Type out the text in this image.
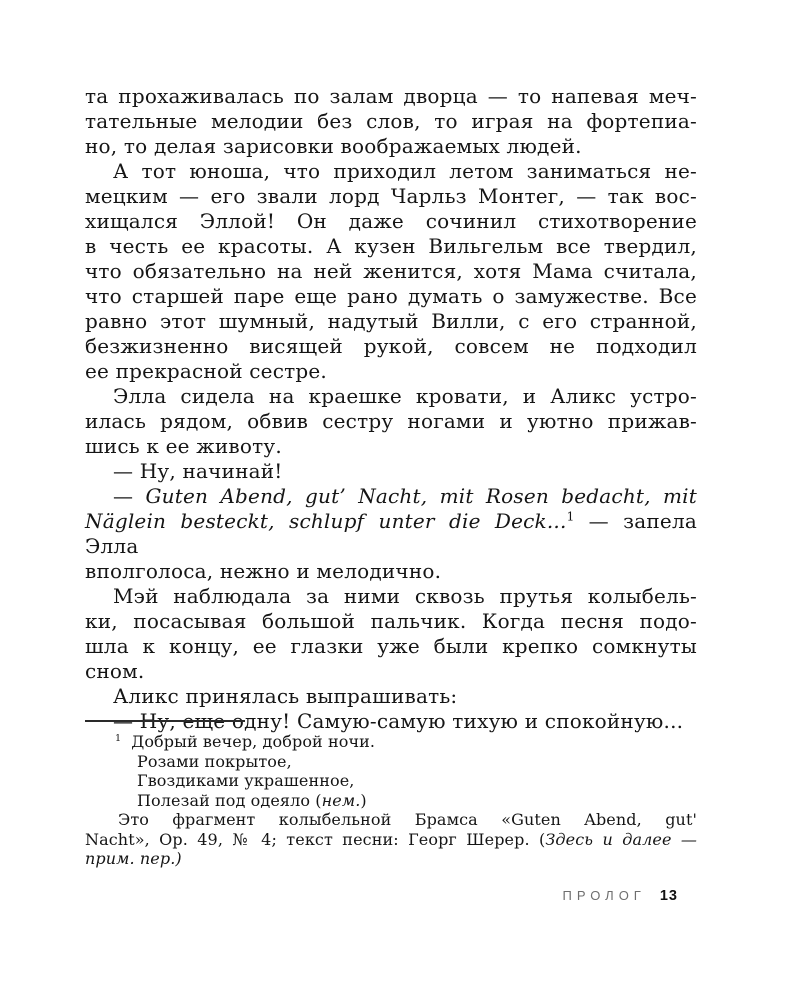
та прохаживалась по залам дворца — то напевая меч-
тательные мелодии без слов, то играя на фортепиа-
но, то делая зарисовки воображаемых людей.
А тот юноша, что приходил летом заниматься не-
мецким — его звали лорд Чарльз Монтег, — так вос-
хищался Эллой! Он даже сочинил стихотворение
в честь ее красоты. А кузен Вильгельм все твердил,
что обязательно на ней женится, хотя Мама считала,
что старшей паре еще рано думать о замужестве. Все
равно этот шумный, надутый Вилли, с его странной,
безжизненно висящей рукой, совсем не подходил
ее прекрасной сестре.
Элла сидела на краешке кровати, и Аликс устро-
илась рядом, обвив сестру ногами и уютно прижав-
шись к ее животу.
— Ну, начинай!
— Guten Abend, gut’ Nacht, mit Rosen bedacht, mit
Näglein besteckt, schlupf unter die Deck...$^1$ — запела Элла
вполголоса, нежно и мелодично.
Мэй наблюдала за ними сквозь прутья колыбель-
ки, посасывая большой пальчик. Когда песня подо-
шла к концу, ее глазки уже были крепко сомкнуты
сном.
Аликс принялась выпрашивать:
— Ну, еще одну! Самую-самую тихую и спокойную...
$^1$ Добрый вечер, доброй ночи.
Розами покрытое,
Гвоздиками украшенное,
Полезай под одеяло (нем.)
Это фрагмент колыбельной Брамса «Guten Abend, gut'
Nacht», Op. 49, № 4; текст песни: Георг Шерер. (Здесь и далее —
прим. пер.)
ПРОЛОГ 13
